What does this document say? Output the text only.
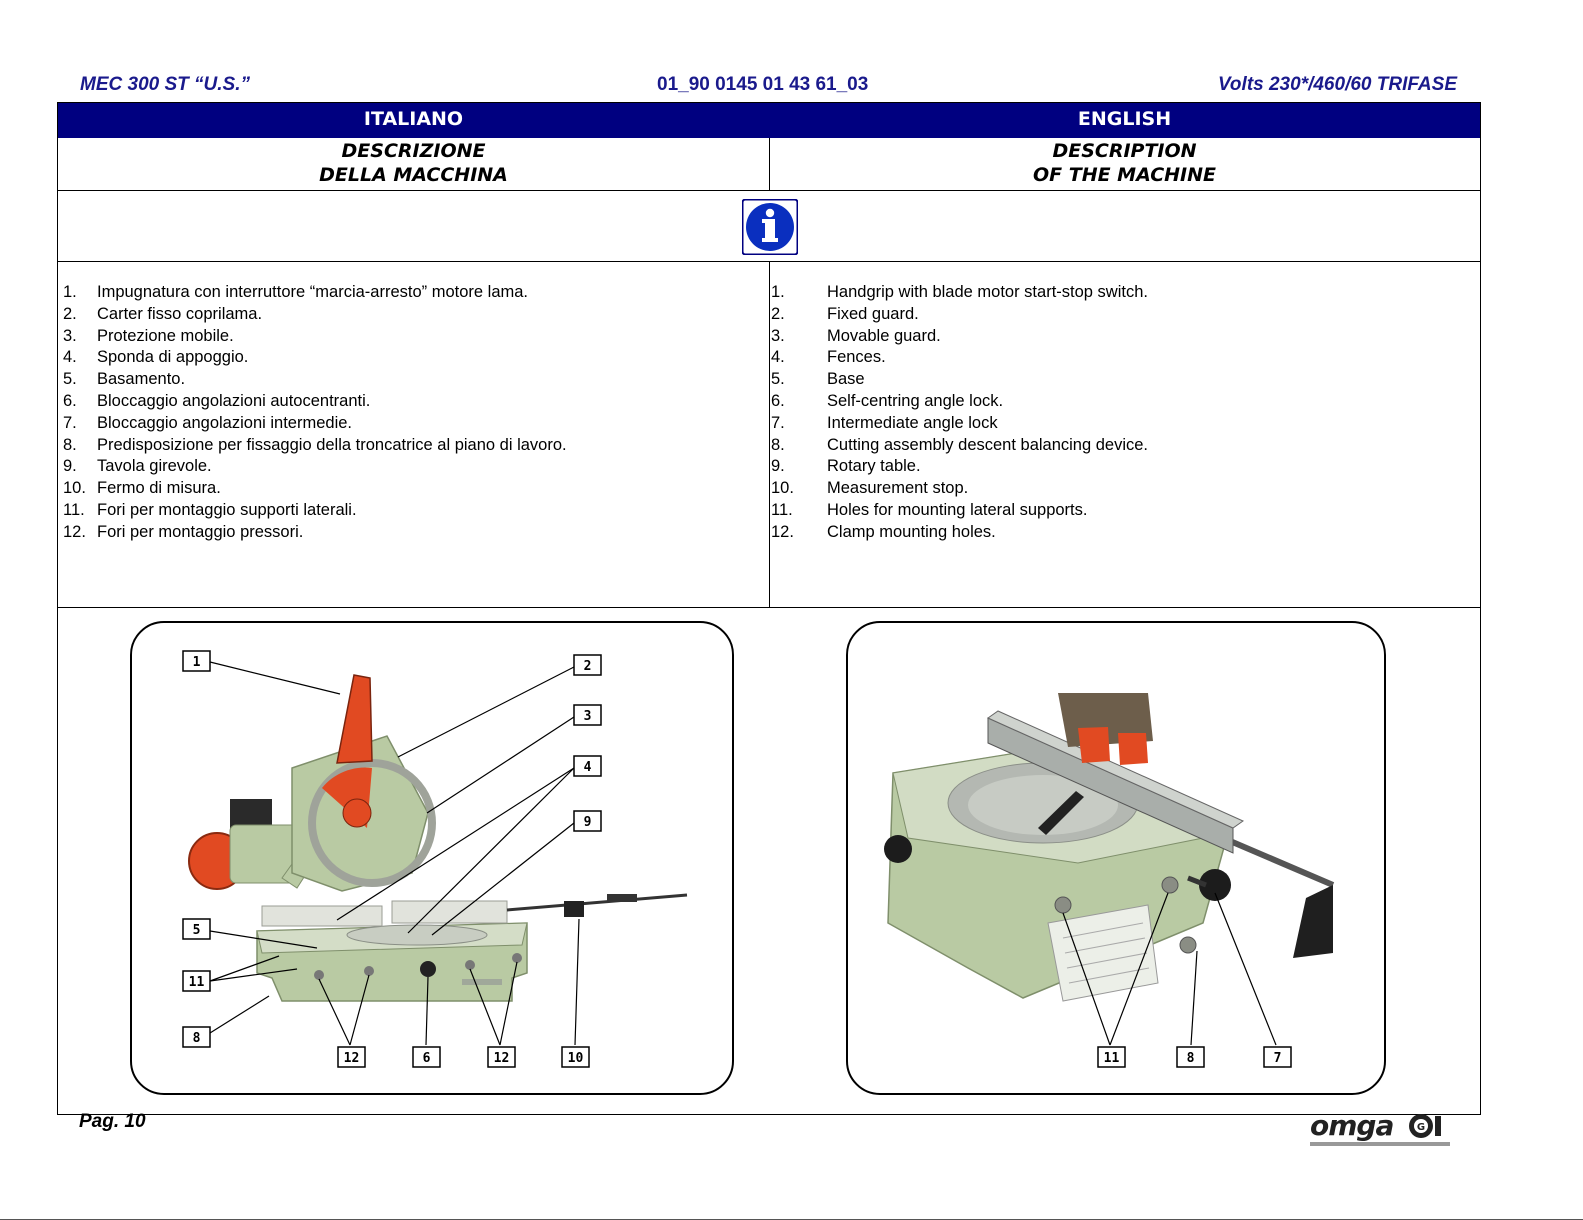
MEC 300 ST “U.S.”	01_90 0145 01 43 61_03	Volts 230*/460/60 TRIFASE
ITALIANO	ENGLISH
DESCRIZIONE
DELLA MACCHINA
DESCRIPTION
OF THE MACHINE
1.	Impugnatura con interruttore “marcia-arresto” motore lama.
2.	Carter fisso coprilama.
3.	Protezione mobile.
4.	Sponda di appoggio.
5.	Basamento.
6.	Bloccaggio angolazioni autocentranti.
7.	Bloccaggio angolazioni intermedie.
8.	Predisposizione per fissaggio della troncatrice al piano di lavoro.
9.	Tavola girevole.
10. Fermo di misura.
11. Fori per montaggio supporti laterali.
12. Fori per montaggio pressori.
1.	Handgrip with blade motor start-stop switch.
2.	Fixed guard.
3.	Movable guard.
4.	Fences.
5.	Base
6.	Self-centring angle lock.
7.	Intermediate angle lock
8.	Cutting assembly descent balancing device.
9.	Rotary table.
10.	Measurement stop.
11.	Holes for mounting lateral supports.
12.	Clamp mounting holes.
1	2
3
4
9
5
11
8
12	6	12	10	11	8	7
Pag. 10	omga G
